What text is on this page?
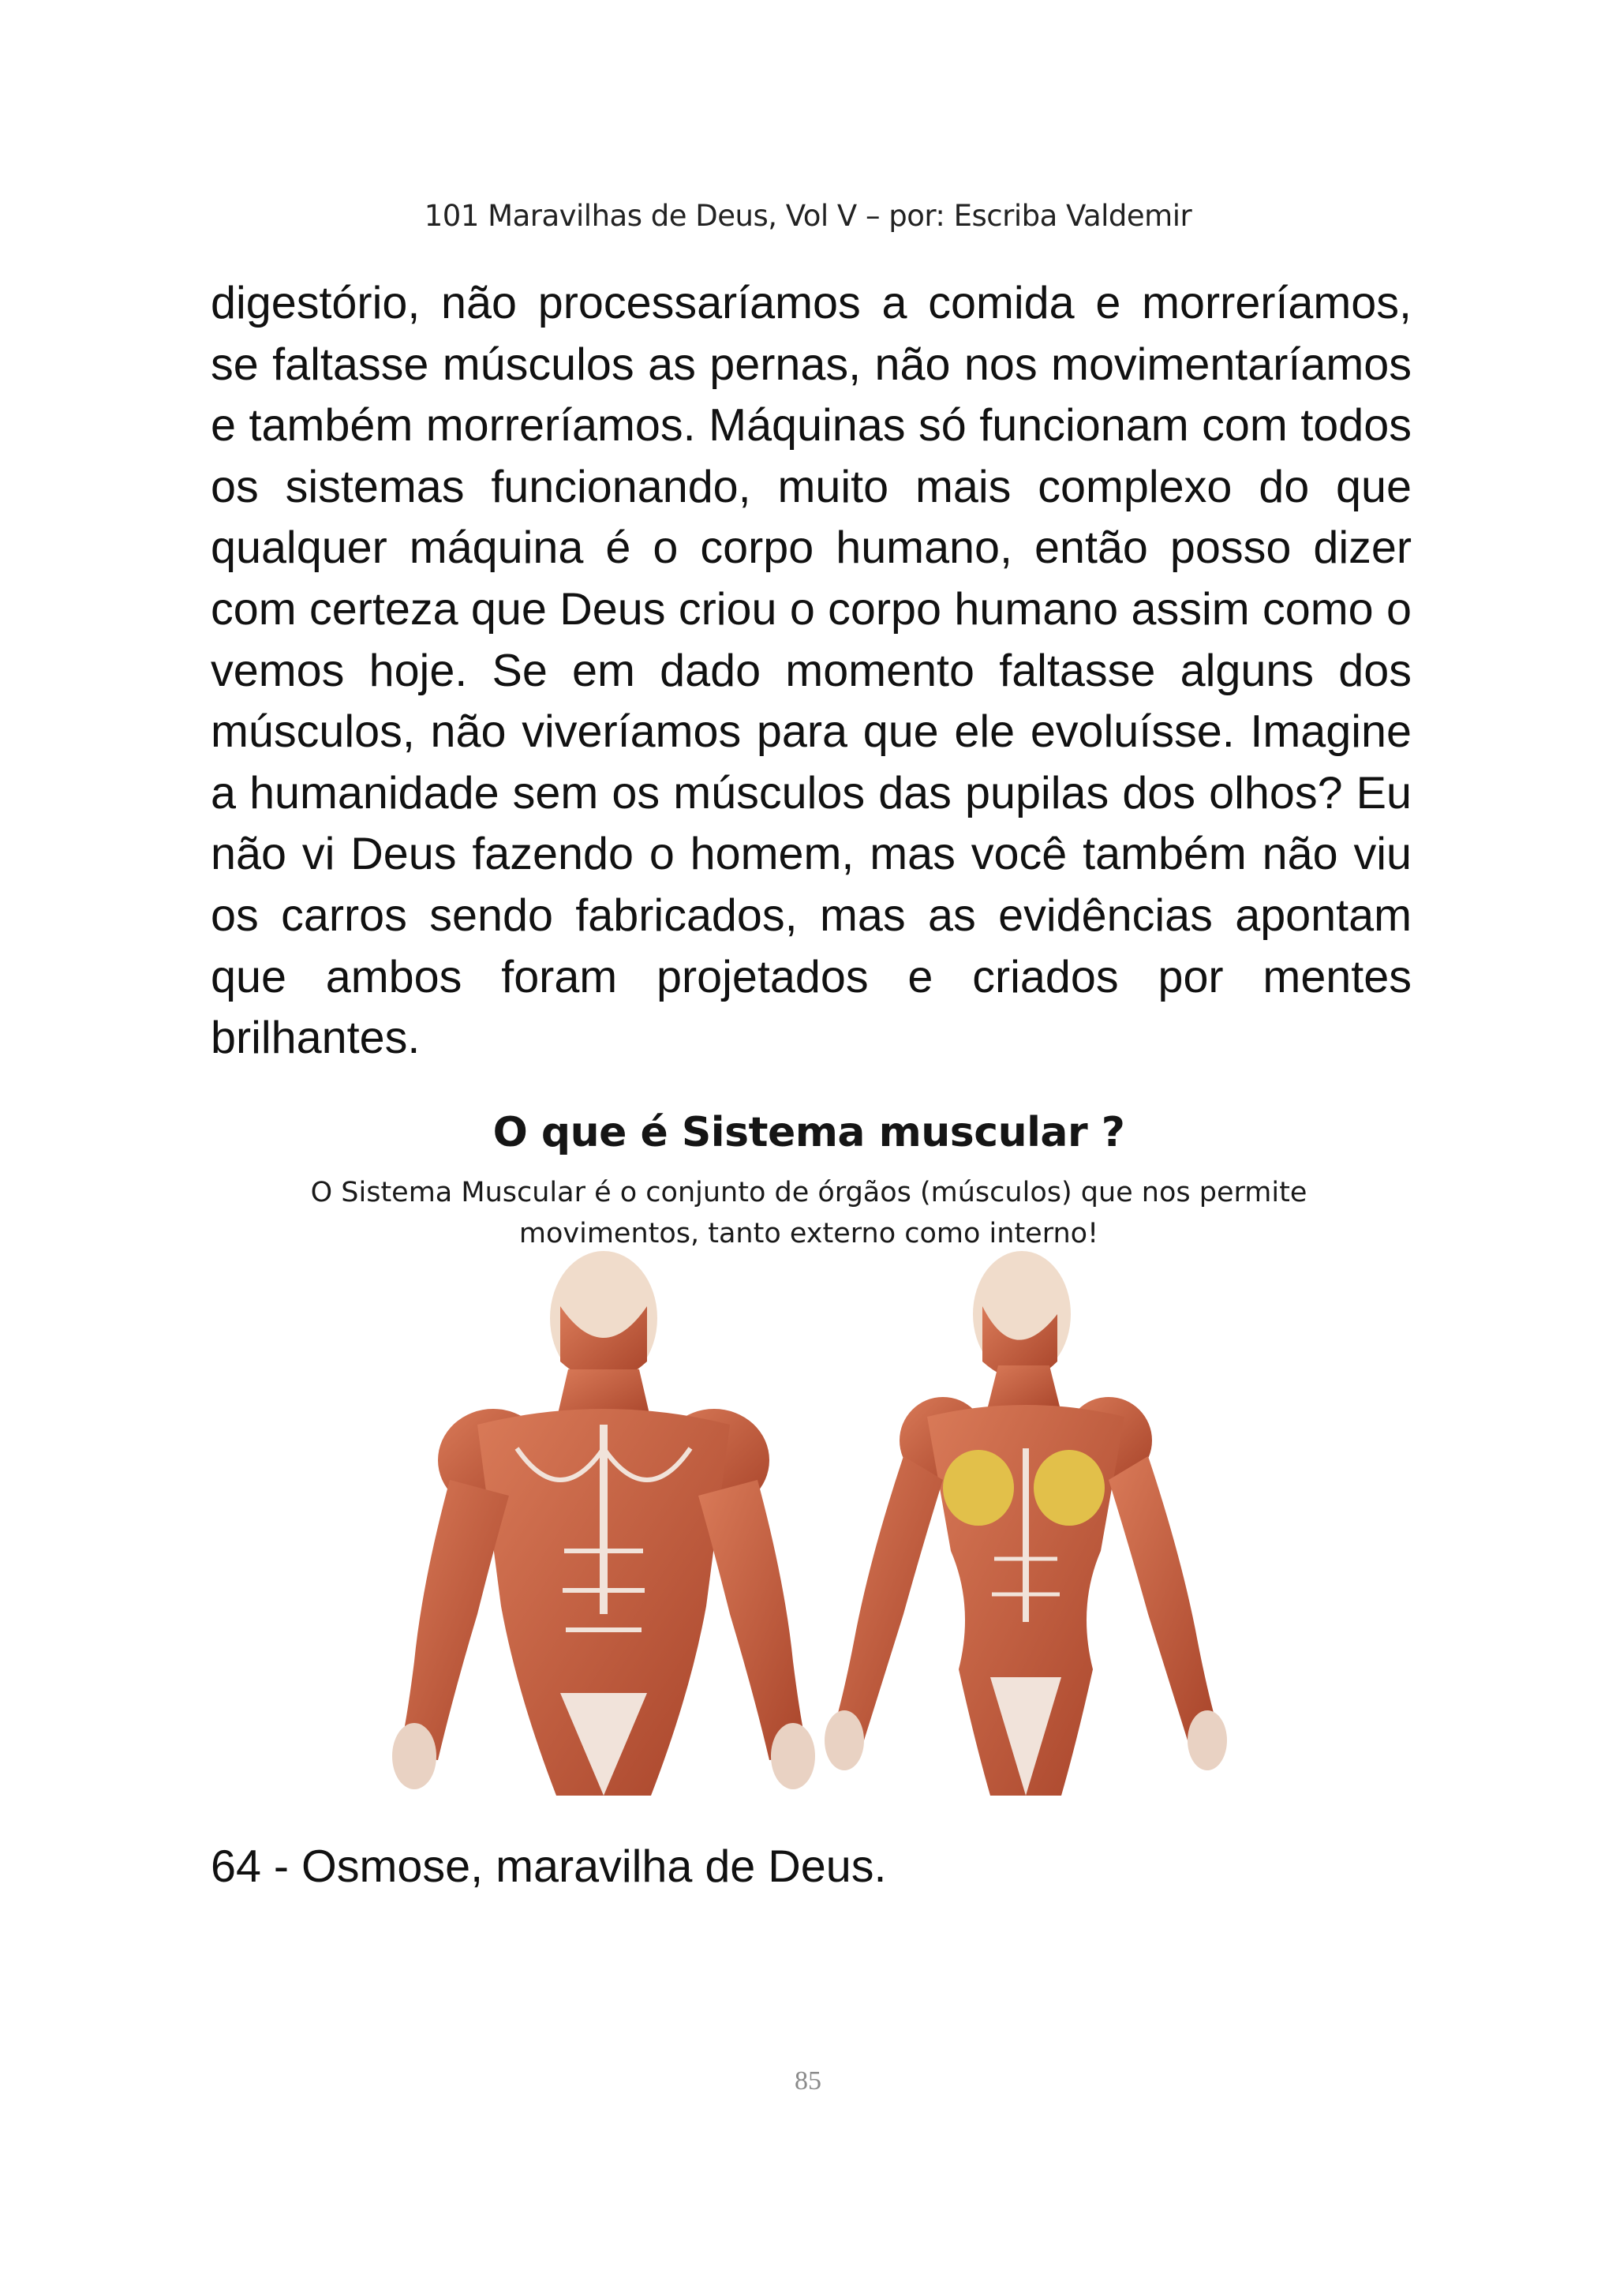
101 Maravilhas de Deus, Vol V – por: Escriba Valdemir

digestório, não processaríamos a comida e morreríamos, se faltasse músculos as pernas, não nos movimentaríamos e também morreríamos. Máquinas só funcionam com todos os sistemas funcionando, muito mais complexo do que qualquer máquina é o corpo humano, então posso dizer com certeza que Deus criou o corpo humano assim como o vemos hoje. Se em dado momento faltasse alguns dos músculos, não viveríamos para que ele evoluísse. Imagine a humanidade sem os músculos das pupilas dos olhos? Eu não vi Deus fazendo o homem, mas você também não viu os carros sendo fabricados, mas as evidências apontam que ambos foram projetados e criados por mentes brilhantes.

O que é Sistema muscular ?
O Sistema Muscular é o conjunto de órgãos (músculos) que nos permite
movimentos, tanto externo como interno!
64 - Osmose, maravilha de Deus.
85
